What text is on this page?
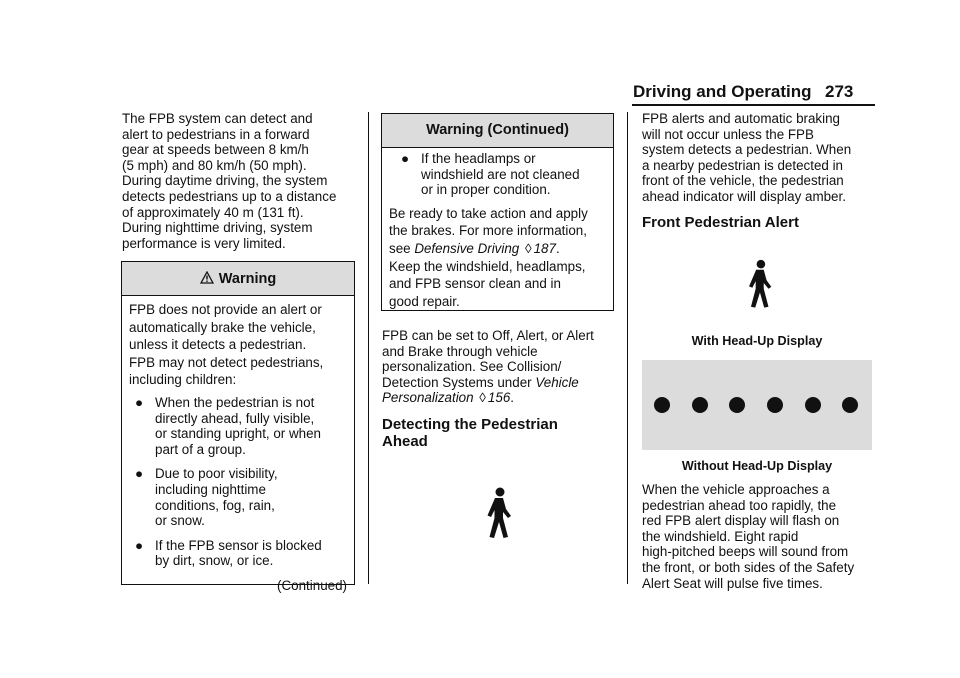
Driving and Operating 273
The FPB system can detect and
alert to pedestrians in a forward
gear at speeds between 8 km/h
(5 mph) and 80 km/h (50 mph).
During daytime driving, the system
detects pedestrians up to a distance
of approximately 40 m (131 ft).
During nighttime driving, system
performance is very limited.
Warning
FPB does not provide an alert or
automatically brake the vehicle,
unless it detects a pedestrian.
FPB may not detect pedestrians,
including children:
● When the pedestrian is not
directly ahead, fully visible,
or standing upright, or when
part of a group.
● Due to poor visibility,
including nighttime
conditions, fog, rain,
or snow.
● If the FPB sensor is blocked
by dirt, snow, or ice.
(Continued)
Warning (Continued)
● If the headlamps or
windshield are not cleaned
or in proper condition.
Be ready to take action and apply
the brakes. For more information,
see Defensive Driving ◊ 187.
Keep the windshield, headlamps,
and FPB sensor clean and in
good repair.
FPB can be set to Off, Alert, or Alert
and Brake through vehicle
personalization. See Collision/
Detection Systems under Vehicle
Personalization ◊ 156.
Detecting the Pedestrian
Ahead
FPB alerts and automatic braking
will not occur unless the FPB
system detects a pedestrian. When
a nearby pedestrian is detected in
front of the vehicle, the pedestrian
ahead indicator will display amber.
Front Pedestrian Alert
With Head-Up Display
Without Head-Up Display
When the vehicle approaches a
pedestrian ahead too rapidly, the
red FPB alert display will flash on
the windshield. Eight rapid
high-pitched beeps will sound from
the front, or both sides of the Safety
Alert Seat will pulse five times.
